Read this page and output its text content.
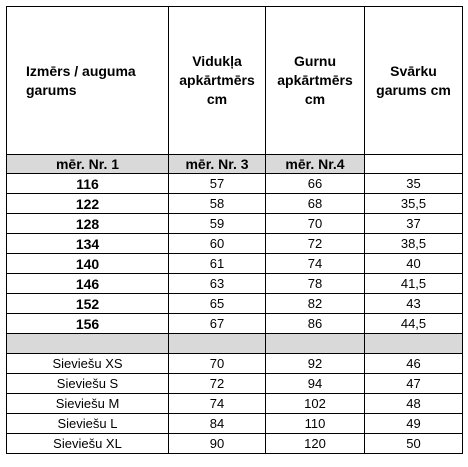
Izmērs / auguma
garums	Vidukļa
apkārtmērs
cm	Gurnu
apkārtmērs
cm	Svārku
garums cm

mēr. Nr. 1	mēr. Nr. 3	mēr. Nr.4	
116	57	66	35
122	58	68	35,5
128	59	70	37
134	60	72	38,5
140	61	74	40
146	63	78	41,5
152	65	82	43
156	67	86	44,5

Sieviešu XS	70	92	46
Sieviešu S	72	94	47
Sieviešu M	74	102	48
Sieviešu L	84	110	49
Sieviešu XL	90	120	50
